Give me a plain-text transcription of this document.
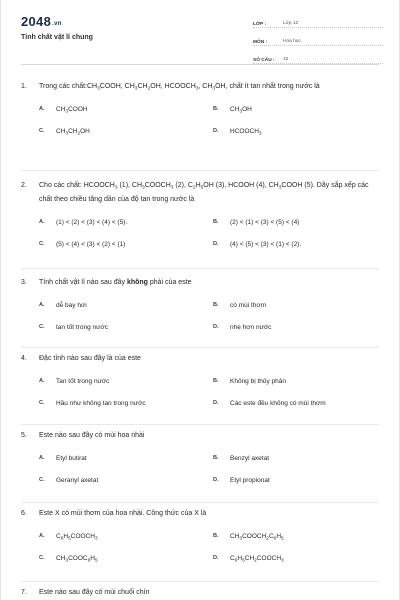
2048.vn
Tính chất vật lí chung
LỚP :	Lớp 12
MÔN :	Hóa học
SỐ CÂU :	10
1.	Trong các $chất:CH_3COOH$, $CH_3CH_2OH$, $HCOOCH_3$, $CH_3OH$, chất ít tan nhất trong nước là
A.	$CH_3COOH$	B.	$CH_3OH$
C.	$CH_3CH_2OH$	D.	$HCOOCH_3$
2.	Cho các chất: $HCOOCH_3$ (1), $CH_3COOCH_3$ (2), $C_2H_5OH$ (3), HCOOH (4), $CH_3COOH$ (5). Dãy sắp xếp các chất theo chiều tăng dần của độ tan trong nước là
A.	(1) < (2) < (3) < (4) < (5).	B.	(2) < (1) < (3) < (5) < (4)
C.	(5) < (4) < (3) < (2) < (1)	D.	(4) < (5) < (3) < (1) < (2).
3.	Tính chất vật lí nào sau đây không phải của este
A.	dễ bay hơi	B.	có mùi thơm
C.	tan tốt trong nước	D.	nhẹ hơn nước
4.	Đặc tính nào sau đây là của este
A.	Tan tốt trong nước	B.	Không bị thủy phân
C.	Hầu như không tan trong nước	D.	Các este đều không có mùi thơm
5.	Este nào sau đây có mùi hoa nhài
A.	Etyl butirat	B.	Benzyl axetat
C.	Geranyl axetat	D.	Etyl propionat
6.	Este X có mùi thơm của hoa nhài. Công thức của X là
A.	$C_6H_5COOCH_3$	B.	$CH_3COOCH_2C_6H_5$
C.	$CH_3COOC_6H_5$	D.	$C_6H_5CH_2COOCH_3$
7.	Este nào sau đây có mùi chuối chín
